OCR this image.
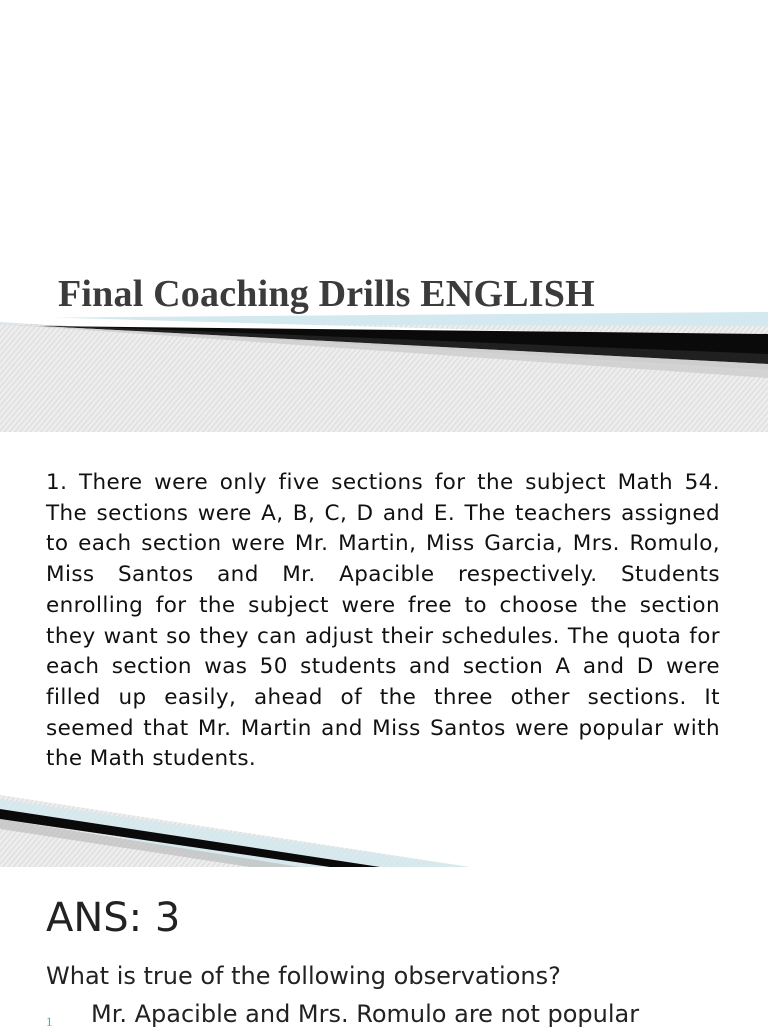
Final Coaching Drills ENGLISH

1. There were only five sections for the subject Math 54. The sections were A, B, C, D and E. The teachers assigned to each section were Mr. Martin, Miss Garcia, Mrs. Romulo, Miss Santos and Mr. Apacible respectively. Students enrolling for the subject were free to choose the section they want so they can adjust their schedules. The quota for each section was 50 students and section A and D were filled up easily, ahead of the three other sections. It seemed that Mr. Martin and Miss Santos were popular with the Math students.

ANS: 3

What is true of the following observations?

1 Mr. Apacible and Mrs. Romulo are not popular
